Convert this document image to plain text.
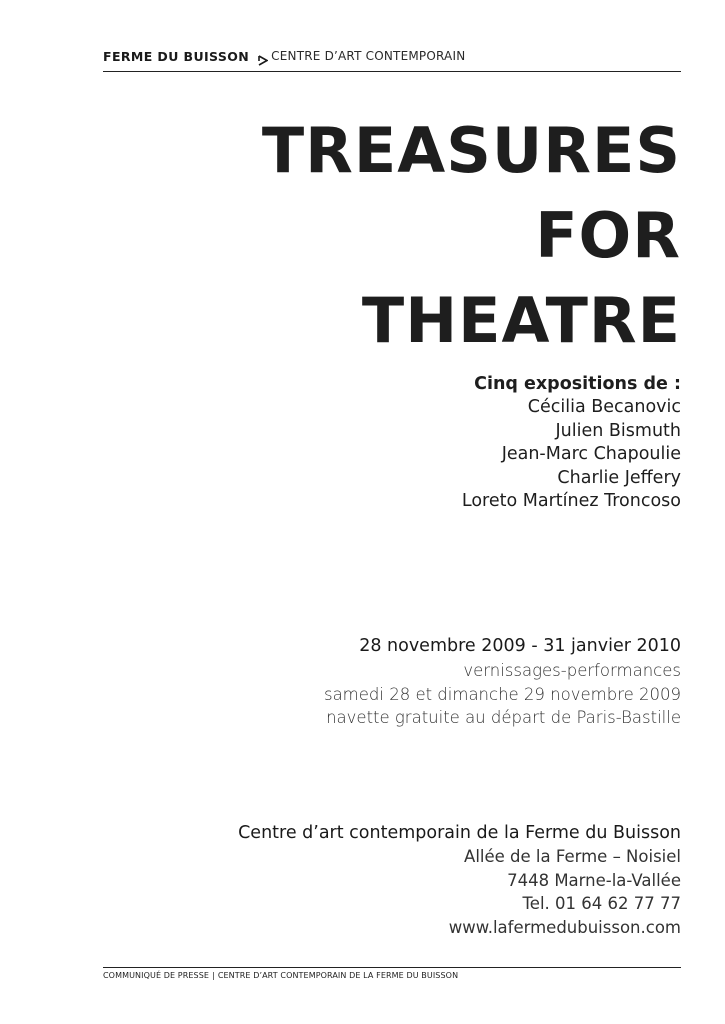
FERME DU BUISSON CENTRE D’ART CONTEMPORAIN
TREASURES
FOR
THEATRE
Cinq expositions de :
Cécilia Becanovic
Julien Bismuth
Jean-Marc Chapoulie
Charlie Jeffery
Loreto Martínez Troncoso
28 novembre 2009 - 31 janvier 2010
vernissages-performances
samedi 28 et dimanche 29 novembre 2009
navette gratuite au départ de Paris-Bastille
Centre d’art contemporain de la Ferme du Buisson
Allée de la Ferme – Noisiel
7448 Marne-la-Vallée
Tel. 01 64 62 77 77
www.lafermedubuisson.com
COMMUNIQUÉ DE PRESSE | CENTRE D’ART CONTEMPORAIN DE LA FERME DU BUISSON
